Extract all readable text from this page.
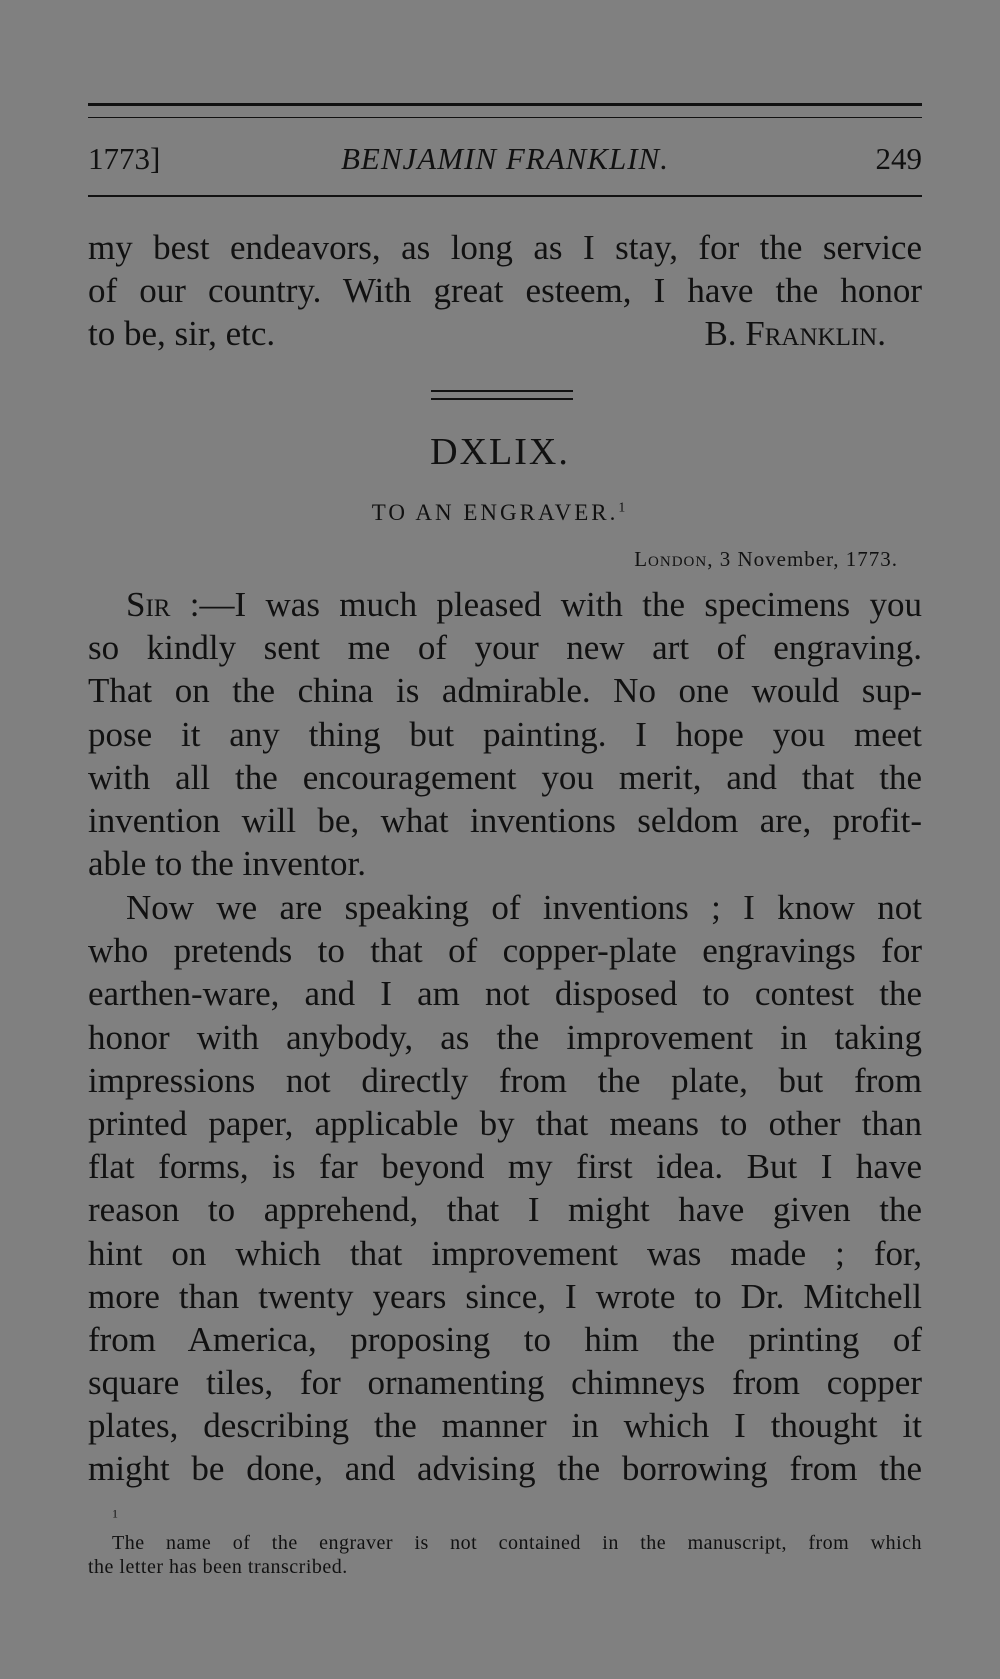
1773]	BENJAMIN FRANKLIN.	249
my best endeavors, as long as I stay, for the service
of our country. With great esteem, I have the honor
to be, sir, etc.	B. Franklin.
DXLIX.
TO AN ENGRAVER.$^1$
London, 3 November, 1773.
Sir :—I was much pleased with the specimens you
so kindly sent me of your new art of engraving.
That on the china is admirable. No one would sup-
pose it any thing but painting. I hope you meet
with all the encouragement you merit, and that the
invention will be, what inventions seldom are, profit-
able to the inventor.
Now we are speaking of inventions ; I know not
who pretends to that of copper-plate engravings for
earthen-ware, and I am not disposed to contest the
honor with anybody, as the improvement in taking
impressions not directly from the plate, but from
printed paper, applicable by that means to other than
flat forms, is far beyond my first idea. But I have
reason to apprehend, that I might have given the
hint on which that improvement was made ; for,
more than twenty years since, I wrote to Dr. Mitchell
from America, proposing to him the printing of
square tiles, for ornamenting chimneys from copper
plates, describing the manner in which I thought it
might be done, and advising the borrowing from the
$^1$
The name of the engraver is not contained in the manuscript, from which
the letter has been transcribed.
